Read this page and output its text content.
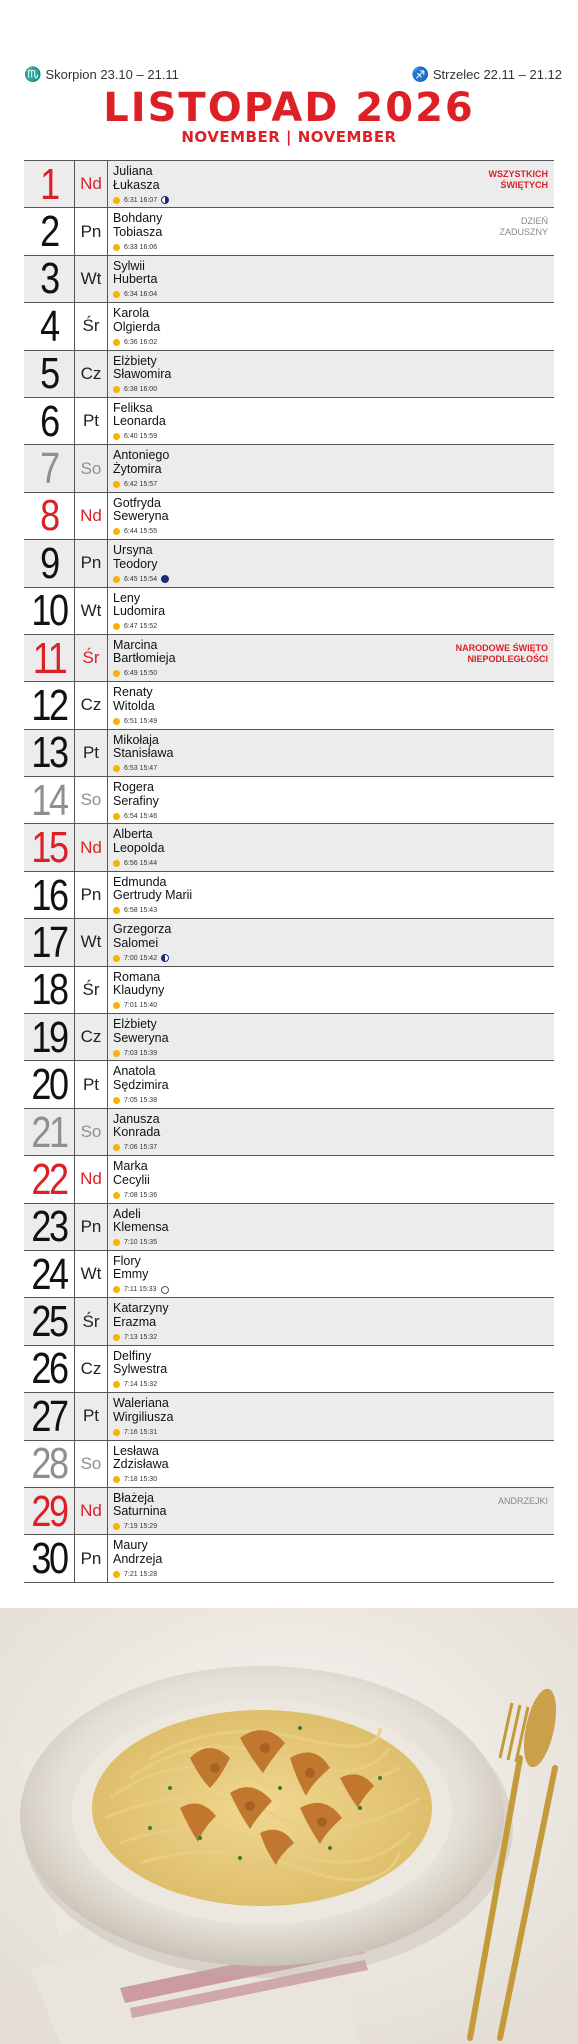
♏ Skorpion 23.10 – 21.11	♐ Strzelec 22.11 – 21.12
LISTOPAD 2026
NOVEMBER | NOVEMBER
1	Nd
Juliana
Łukasza
6:31 16:07
WSZYSTKICH
ŚWIĘTYCH
2	Pn
Bohdany
Tobiasza
6:33 16:06
DZIEŃ
ZADUSZNY
3	Wt
Sylwii
Huberta
6:34 16:04
4	Śr
Karola
Olgierda
6:36 16:02
5	Cz
Elżbiety
Sławomira
6:38 16:00
6	Pt
Feliksa
Leonarda
6:40 15:59
7	So
Antoniego
Żytomira
6:42 15:57
8	Nd
Gotfryda
Seweryna
6:44 15:55
9	Pn
Ursyna
Teodory
6:45 15:54
10 Wt
Leny
Ludomira
6:47 15:52
11	Śr
Marcina
Bartłomieja
6:49 15:50
NARODOWE ŚWIĘTO
NIEPODLEGŁOŚCI
12 Cz
Renaty
Witolda
6:51 15:49
13 Pt
Mikołaja
Stanisława
6:53 15:47
14 So
Rogera
Serafiny
6:54 15:46
15 Nd
Alberta
Leopolda
6:56 15:44
16 Pn
Edmunda
Gertrudy Marii
6:58 15:43
17 Wt
Grzegorza
Salomei
7:00 15:42
18 Śr
Romana
Klaudyny
7:01 15:40
19 Cz
Elżbiety
Seweryna
7:03 15:39
20 Pt
Anatola
Sędzimira
7:05 15:38
21 So
Janusza
Konrada
7:06 15:37
22 Nd
Marka
Cecylii
7:08 15:36
23 Pn
Adeli
Klemensa
7:10 15:35
24 Wt
Flory
Emmy
7:11 15:33
25 Śr
Katarzyny
Erazma
7:13 15:32
26 Cz
Delfiny
Sylwestra
7:14 15:32
27 Pt
Waleriana
Wirgiliusza
7:16 15:31
28 So
Lesława
Zdzisława
7:18 15:30
29 Nd
Błażeja
Saturnina
7:19 15:29
ANDRZEJKI
30 Pn
Maury
Andrzeja
7:21 15:28
